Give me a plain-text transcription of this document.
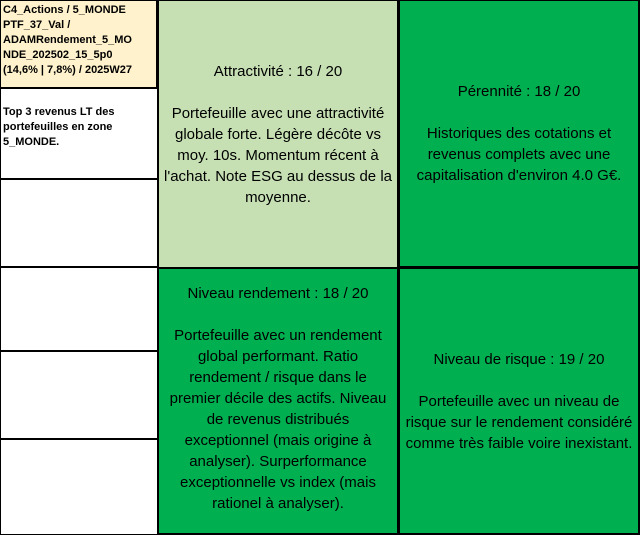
C4_Actions / 5_MONDE
PTF_37_Val /
ADAMRendement_5_MO
NDE_202502_15_5p0
(14,6% | 7,8%) / 2025W27
Top 3 revenus LT des
portefeuilles en zone
5_MONDE.
Attractivité : 16 / 20
Portefeuille avec une attractivité globale forte. Légère décôte vs moy. 10s. Momentum récent à l'achat. Note ESG au dessus de la moyenne.
Pérennité : 18 / 20
Historiques des cotations et revenus complets avec une capitalisation d'environ 4.0 G€.
Niveau rendement : 18 / 20
Portefeuille avec un rendement global performant. Ratio rendement / risque dans le premier décile des actifs. Niveau de revenus distribués exceptionnel (mais origine à analyser). Surperformance exceptionnelle vs index (mais rationel à analyser).
Niveau de risque : 19 / 20
Portefeuille avec un niveau de risque sur le rendement considéré comme très faible voire inexistant.
